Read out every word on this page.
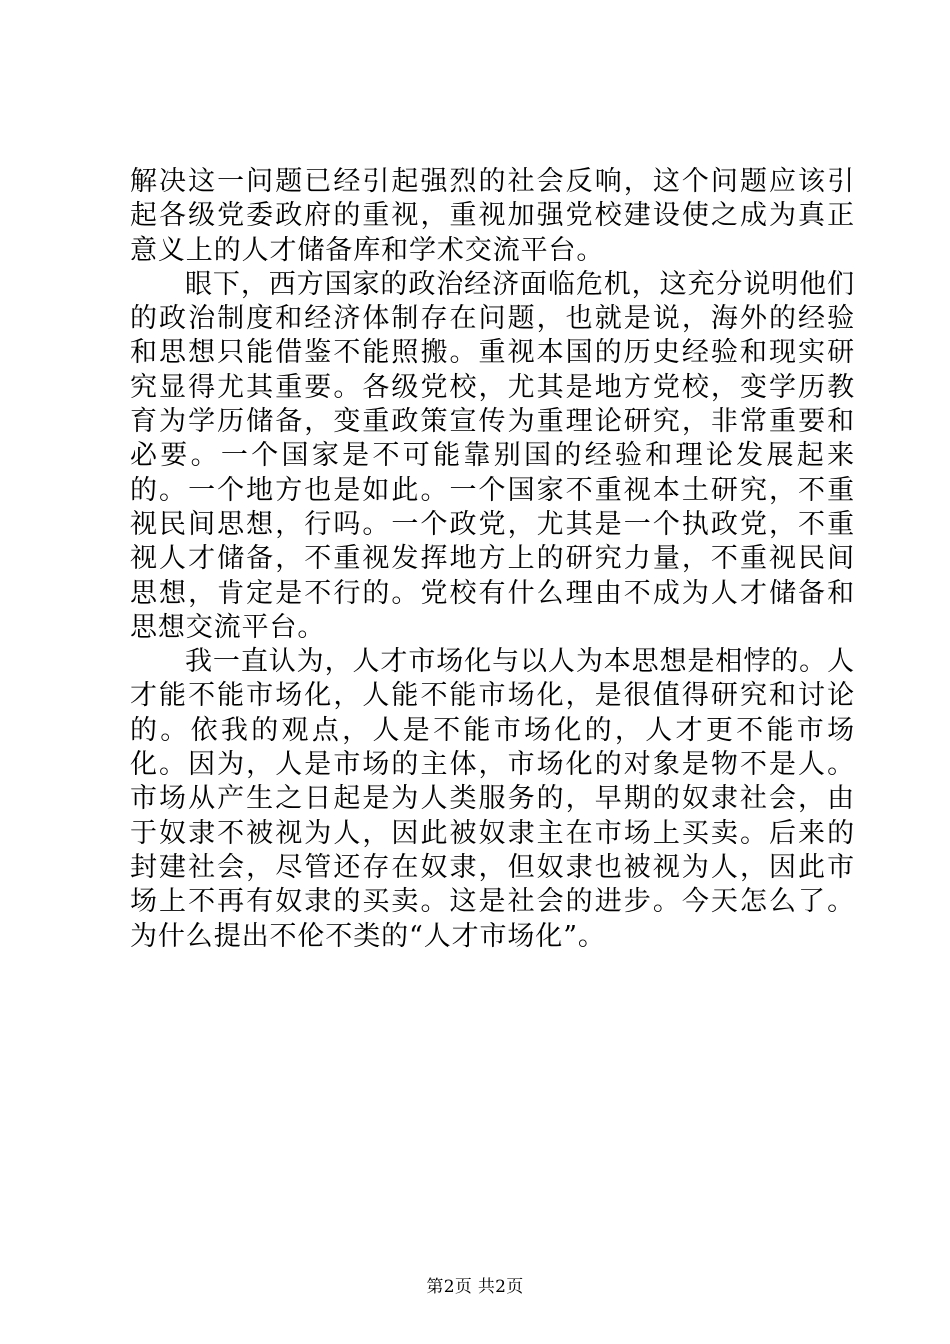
解决这一问题已经引起强烈的社会反响，这个问题应该引起各级党委政府的重视，重视加强党校建设使之成为真正意义上的人才储备库和学术交流平台。

眼下，西方国家的政治经济面临危机，这充分说明他们的政治制度和经济体制存在问题，也就是说，海外的经验和思想只能借鉴不能照搬。重视本国的历史经验和现实研究显得尤其重要。各级党校，尤其是地方党校，变学历教育为学历储备，变重政策宣传为重理论研究，非常重要和必要。一个国家是不可能靠别国的经验和理论发展起来的。一个地方也是如此。一个国家不重视本土研究，不重视民间思想，行吗。一个政党，尤其是一个执政党，不重视人才储备，不重视发挥地方上的研究力量，不重视民间思想，肯定是不行的。党校有什么理由不成为人才储备和思想交流平台。

我一直认为，人才市场化与以人为本思想是相悖的。人才能不能市场化，人能不能市场化，是很值得研究和讨论的。依我的观点，人是不能市场化的，人才更不能市场化。因为，人是市场的主体，市场化的对象是物不是人。市场从产生之日起是为人类服务的，早期的奴隶社会，由于奴隶不被视为人，因此被奴隶主在市场上买卖。后来的封建社会，尽管还存在奴隶，但奴隶也被视为人，因此市场上不再有奴隶的买卖。这是社会的进步。今天怎么了。为什么提出不伦不类的“人才市场化”。

第2页 共2页
